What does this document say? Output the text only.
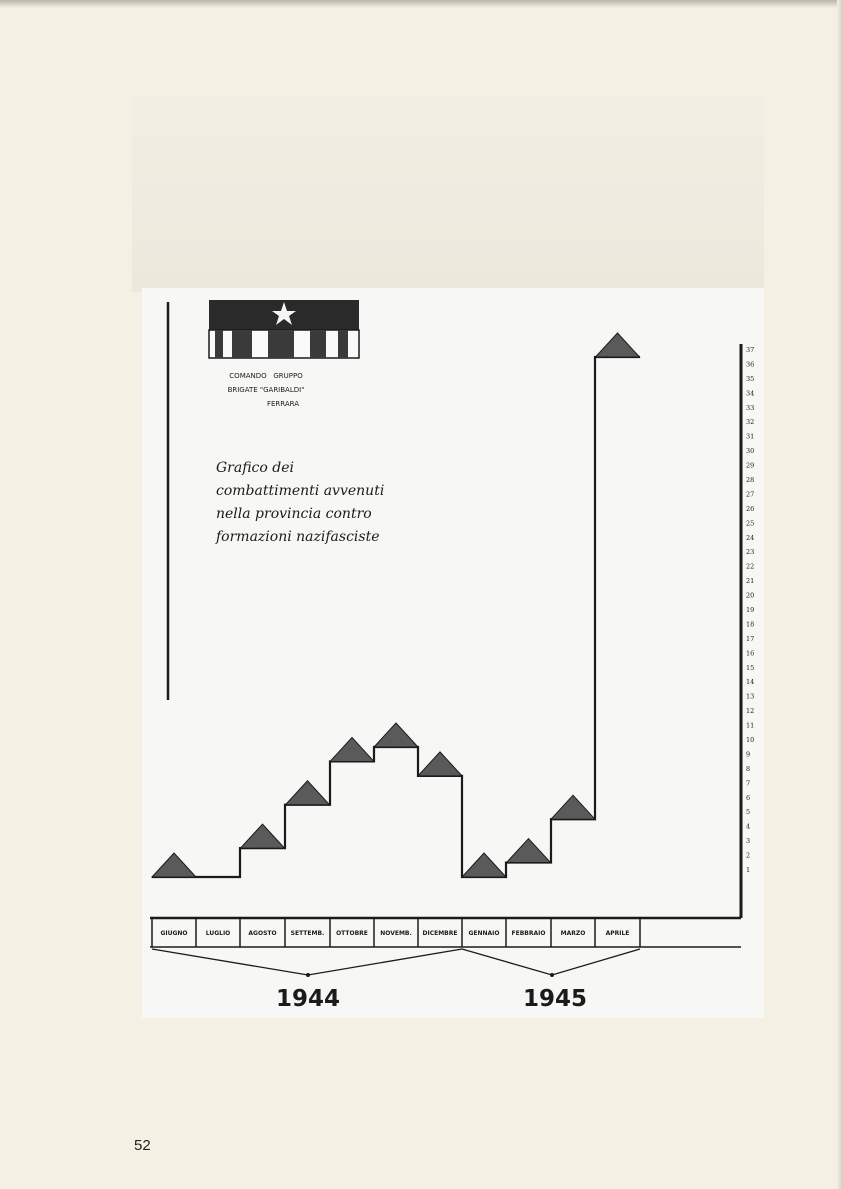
COMANDO   GRUPPO
BRIGATE "GARIBALDI"
FERRARA
Grafico dei
combattimenti avvenuti
nella provincia contro
formazioni nazifasciste
1
2
3
4
5
6
7
8
9
10
11
12
13
14
15
16
17
18
19
20
21
22
23
24
25
26
27
28
29
30
31
32
33
34
35
36
37
GIUGNO	LUGLIO	AGOSTO SETTEMB. OTTOBRE NOVEMB. DICEMBRE GENNAIO FEBBRAIO	MARZO	APRILE
1944	1945
52
